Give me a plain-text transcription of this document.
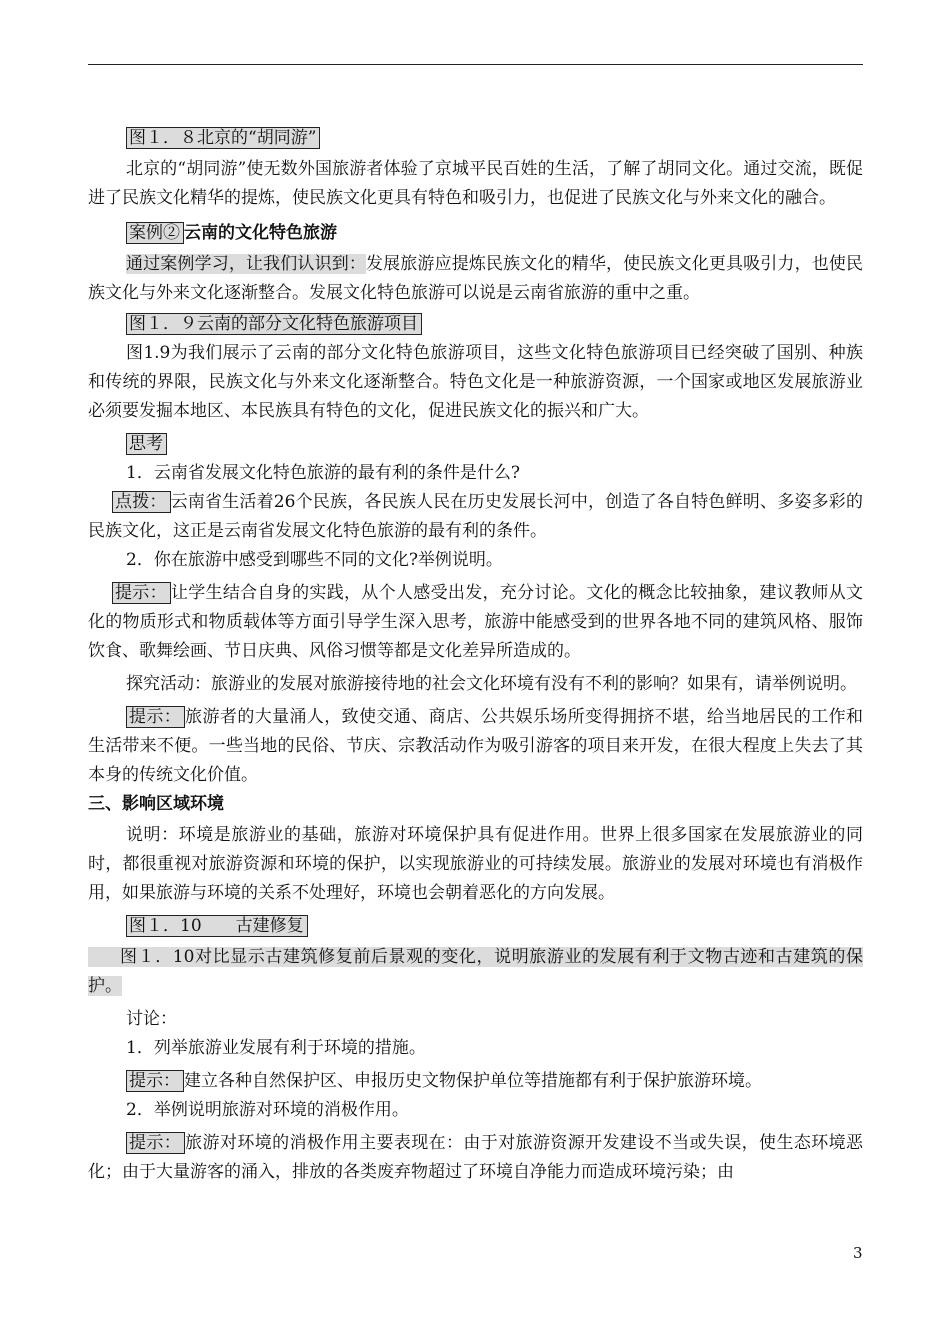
图１．８北京的“胡同游”

北京的“胡同游”使无数外国旅游者体验了京城平民百姓的生活，了解了胡同文化。通过交流，既促进了民族文化精华的提炼，使民族文化更具有特色和吸引力，也促进了民族文化与外来文化的融合。

案例② 云南的文化特色旅游

通过案例学习，让我们认识到：发展旅游应提炼民族文化的精华，使民族文化更具吸引力，也使民族文化与外来文化逐渐整合。发展文化特色旅游可以说是云南省旅游的重中之重。

图１．９云南的部分文化特色旅游项目

图1.9为我们展示了云南的部分文化特色旅游项目，这些文化特色旅游项目已经突破了国别、种族和传统的界限，民族文化与外来文化逐渐整合。特色文化是一种旅游资源，一个国家或地区发展旅游业必须要发掘本地区、本民族具有特色的文化，促进民族文化的振兴和广大。

思考

1．云南省发展文化特色旅游的最有利的条件是什么?

点拨： 云南省生活着26个民族，各民族人民在历史发展长河中，创造了各自特色鲜明、多姿多彩的民族文化，这正是云南省发展文化特色旅游的最有利的条件。

2．你在旅游中感受到哪些不同的文化?举例说明。

提示： 让学生结合自身的实践，从个人感受出发，充分讨论。文化的概念比较抽象，建议教师从文化的物质形式和物质载体等方面引导学生深入思考，旅游中能感受到的世界各地不同的建筑风格、服饰饮食、歌舞绘画、节日庆典、风俗习惯等都是文化差异所造成的。

探究活动：旅游业的发展对旅游接待地的社会文化环境有没有不利的影响？如果有，请举例说明。

提示： 旅游者的大量涌人，致使交通、商店、公共娱乐场所变得拥挤不堪，给当地居民的工作和生活带来不便。一些当地的民俗、节庆、宗教活动作为吸引游客的项目来开发，在很大程度上失去了其本身的传统文化价值。

三、影响区域环境

说明：环境是旅游业的基础，旅游对环境保护具有促进作用。世界上很多国家在发展旅游业的同时，都很重视对旅游资源和环境的保护，以实现旅游业的可持续发展。旅游业的发展对环境也有消极作用，如果旅游与环境的关系不处理好，环境也会朝着恶化的方向发展。

图１．10　　古建修复

图１．10对比显示古建筑修复前后景观的变化，说明旅游业的发展有利于文物古迹和古建筑的保护。

讨论：

1．列举旅游业发展有利于环境的措施。

提示： 建立各种自然保护区、申报历史文物保护单位等措施都有利于保护旅游环境。

2．举例说明旅游对环境的消极作用。

提示： 旅游对环境的消极作用主要表现在：由于对旅游资源开发建设不当或失误，使生态环境恶化；由于大量游客的涌入，排放的各类废弃物超过了环境自净能力而造成环境污染；由

3
